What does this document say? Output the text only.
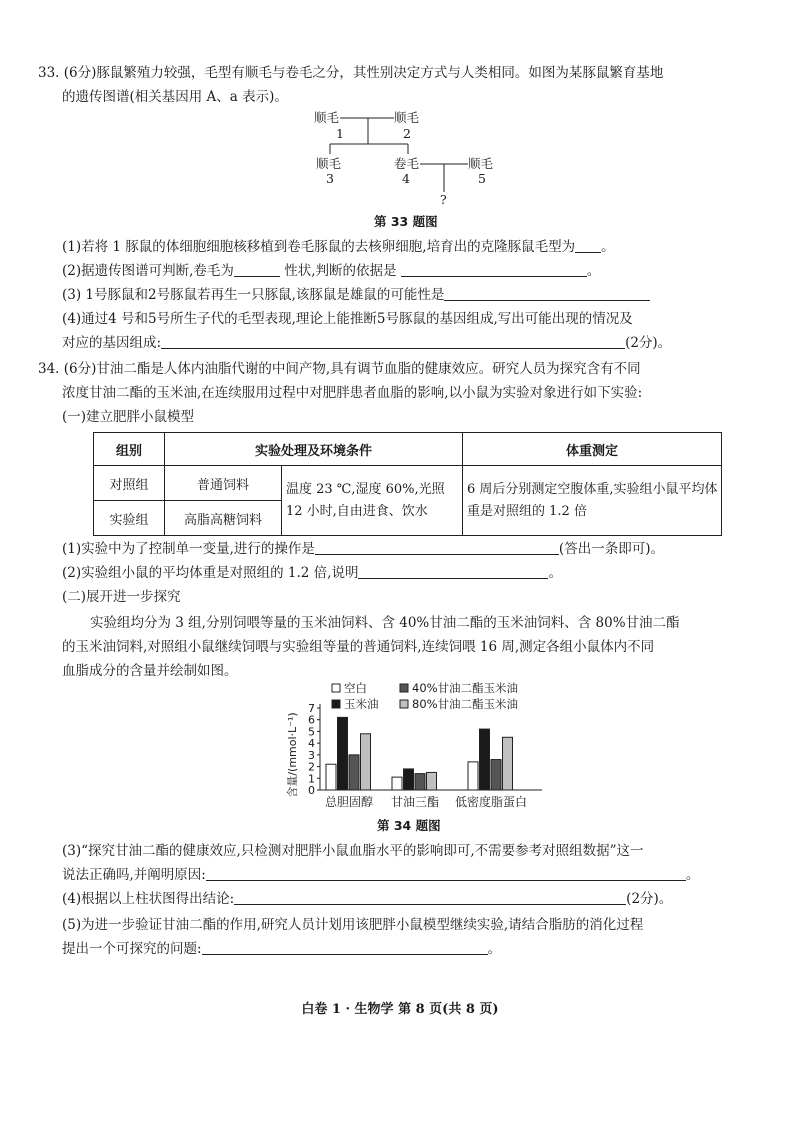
33. (6分)豚鼠繁殖力较强，毛型有顺毛与卷毛之分，其性别决定方式与人类相同。如图为某豚鼠繁育基地
的遗传图谱(相关基因用 A、a 表示)。
顺毛
1
顺毛
2
顺毛
3
卷毛
4
顺毛
5
?
第 33 题图
(1)若将 1 豚鼠的体细胞细胞核移植到卷毛豚鼠的去核卵细胞,培育出的克隆豚鼠毛型为 。
(2)据遗传图谱可判断,卷毛为	性状,判断的依据是	。
(3) 1号豚鼠和2号豚鼠若再生一只豚鼠,该豚鼠是雄鼠的可能性是
(4)通过4 号和5号所生子代的毛型表现,理论上能推断5号豚鼠的基因组成,写出可能出现的情况及
对应的基因组成:	(2分)。
34. (6分)甘油二酯是人体内油脂代谢的中间产物,具有调节血脂的健康效应。研究人员为探究含有不同
浓度甘油二酯的玉米油,在连续服用过程中对肥胖患者血脂的影响,以小鼠为实验对象进行如下实验:
(一)建立肥胖小鼠模型
组别	实验处理及环境条件		体重测定
对照组	普通饲料	温度 23 ℃,湿度 60%,光照 12 小时,自由进食、饮水	6 周后分别测定空腹体重,实验组小鼠平均体重是对照组的 1.2 倍
实验组	高脂高糖饲料		
(1)实验中为了控制单一变量,进行的操作是	(答出一条即可)。
(2)实验组小鼠的平均体重是对照组的 1.2 倍,说明	。
(二)展开进一步探究
实验组均分为 3 组,分别饲喂等量的玉米油饲料、含 40%甘油二酯的玉米油饲料、含 80%甘油二酯
的玉米油饲料,对照组小鼠继续饲喂与实验组等量的普通饲料,连续饲喂 16 周,测定各组小鼠体内不同
血脂成分的含量并绘制如图。
0
1
2
3
4
5
6
7
含量/(mmol·L⁻¹)
总胆固醇 甘油三酯 低密度脂蛋白
空白	40%甘油二酯玉米油
玉米油	80%甘油二酯玉米油
第 34 题图
(3)“探究甘油二酯的健康效应,只检测对肥胖小鼠血脂水平的影响即可,不需要参考对照组数据”这一
说法正确吗,并阐明原因:	。
(4)根据以上柱状图得出结论:	(2分)。
(5)为进一步验证甘油二酯的作用,研究人员计划用该肥胖小鼠模型继续实验,请结合脂肪的消化过程
提出一个可探究的问题:	。
白卷 1 · 生物学 第 8 页(共 8 页)
